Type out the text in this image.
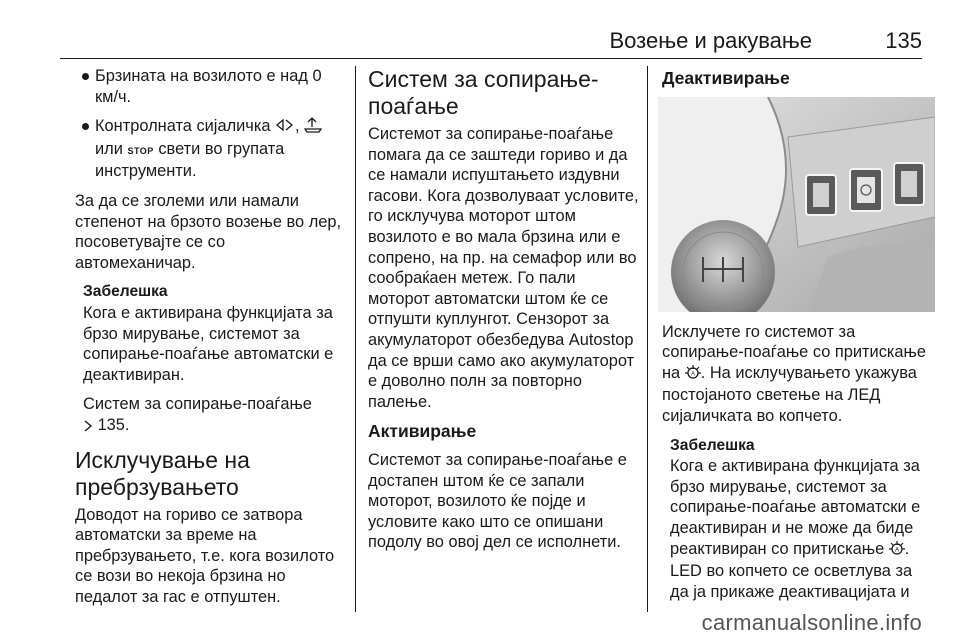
Возење и ракување	135
Брзината на возилото е над 0 км/ч.
Контролната сијаличка ,
или STOP свети во групата инструменти.

За да се зголеми или намали степенот на брзото возење во лер, посоветувајте се со автомеханичар.

Забелешка

Кога е активирана функцијата за брзо мирување, системот за сопирање-поаѓање автоматски е деактивиран.

Систем за сопирање-поаѓање
135.

Исклучување на пребрзувањето

Доводот на гориво се затвора автоматски за време на пребрзувањето, т.е. кога возилото се вози во некоја брзина но педалот за гас е отпуштен.

Систем за сопирање-поаѓање

Системот за сопирање-поаѓање помага да се заштеди гориво и да се намали испуштањето издувни гасови. Кога дозволуваат условите, го исклучува моторот штом возилото е во мала брзина или е сопрено, на пр. на семафор или во сообраќаен метеж. Го пали моторот автоматски штом ќе се отпушти куплунгот. Сензорот за акумулаторот обезбедува Autostop да се врши само ако акумулаторот е доволно полн за повторно палење.

Активирање

Системот за сопирање-поаѓање е достапен штом ќе се запали моторот, возилото ќе појде и условите како што се опишани подолу во овој дел се исполнети.

Деактивирање

Исклучете го системот за сопирање-поаѓање со притискање на A . На исклучувањето укажува постојаното светење на ЛЕД сијаличката во копчето.

Забелешка

Кога е активирана функцијата за брзо мирување, системот за сопирање-поаѓање автоматски е деактивиран и не може да биде реактивиран со притискање A . LED во копчето се осветлува за да ја прикаже деактивацијата и

carmanualsonline.info
